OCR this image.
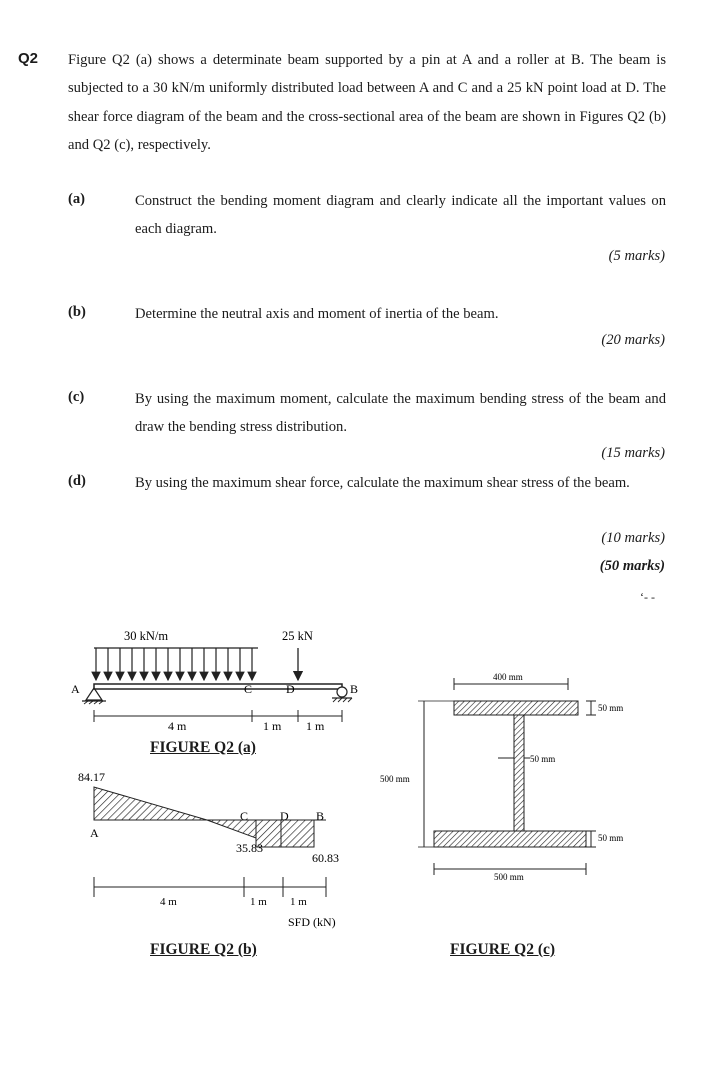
Q2 Figure Q2 (a) shows a determinate beam supported by a pin at A and a roller at B. The beam is subjected to a 30 kN/m uniformly distributed load between A and C and a 25 kN point load at D. The shear force diagram of the beam and the cross-sectional area of the beam are shown in Figures Q2 (b) and Q2 (c), respectively.
(a)	Construct the bending moment diagram and clearly indicate all the important values on each diagram.
(5 marks)
(b)	Determine the neutral axis and moment of inertia of the beam.
(20 marks)
(c)	By using the maximum moment, calculate the maximum bending stress of the beam and draw the bending stress distribution.
(15 marks)
(d)	By using the maximum shear force, calculate the maximum shear stress of the beam.
(10 marks)
(50 marks)
‘- -
30 kN/m	25 kN
A	C	D	B
4 m	1 m 1 m
FIGURE Q2 (a)
84.17
A
C	D B
35.83
60.83
4 m	1 m 1 m
SFD (kN)
FIGURE Q2 (b)
400 mm
50 mm
50 mm
500 mm
50 mm
500 mm
FIGURE Q2 (c)
